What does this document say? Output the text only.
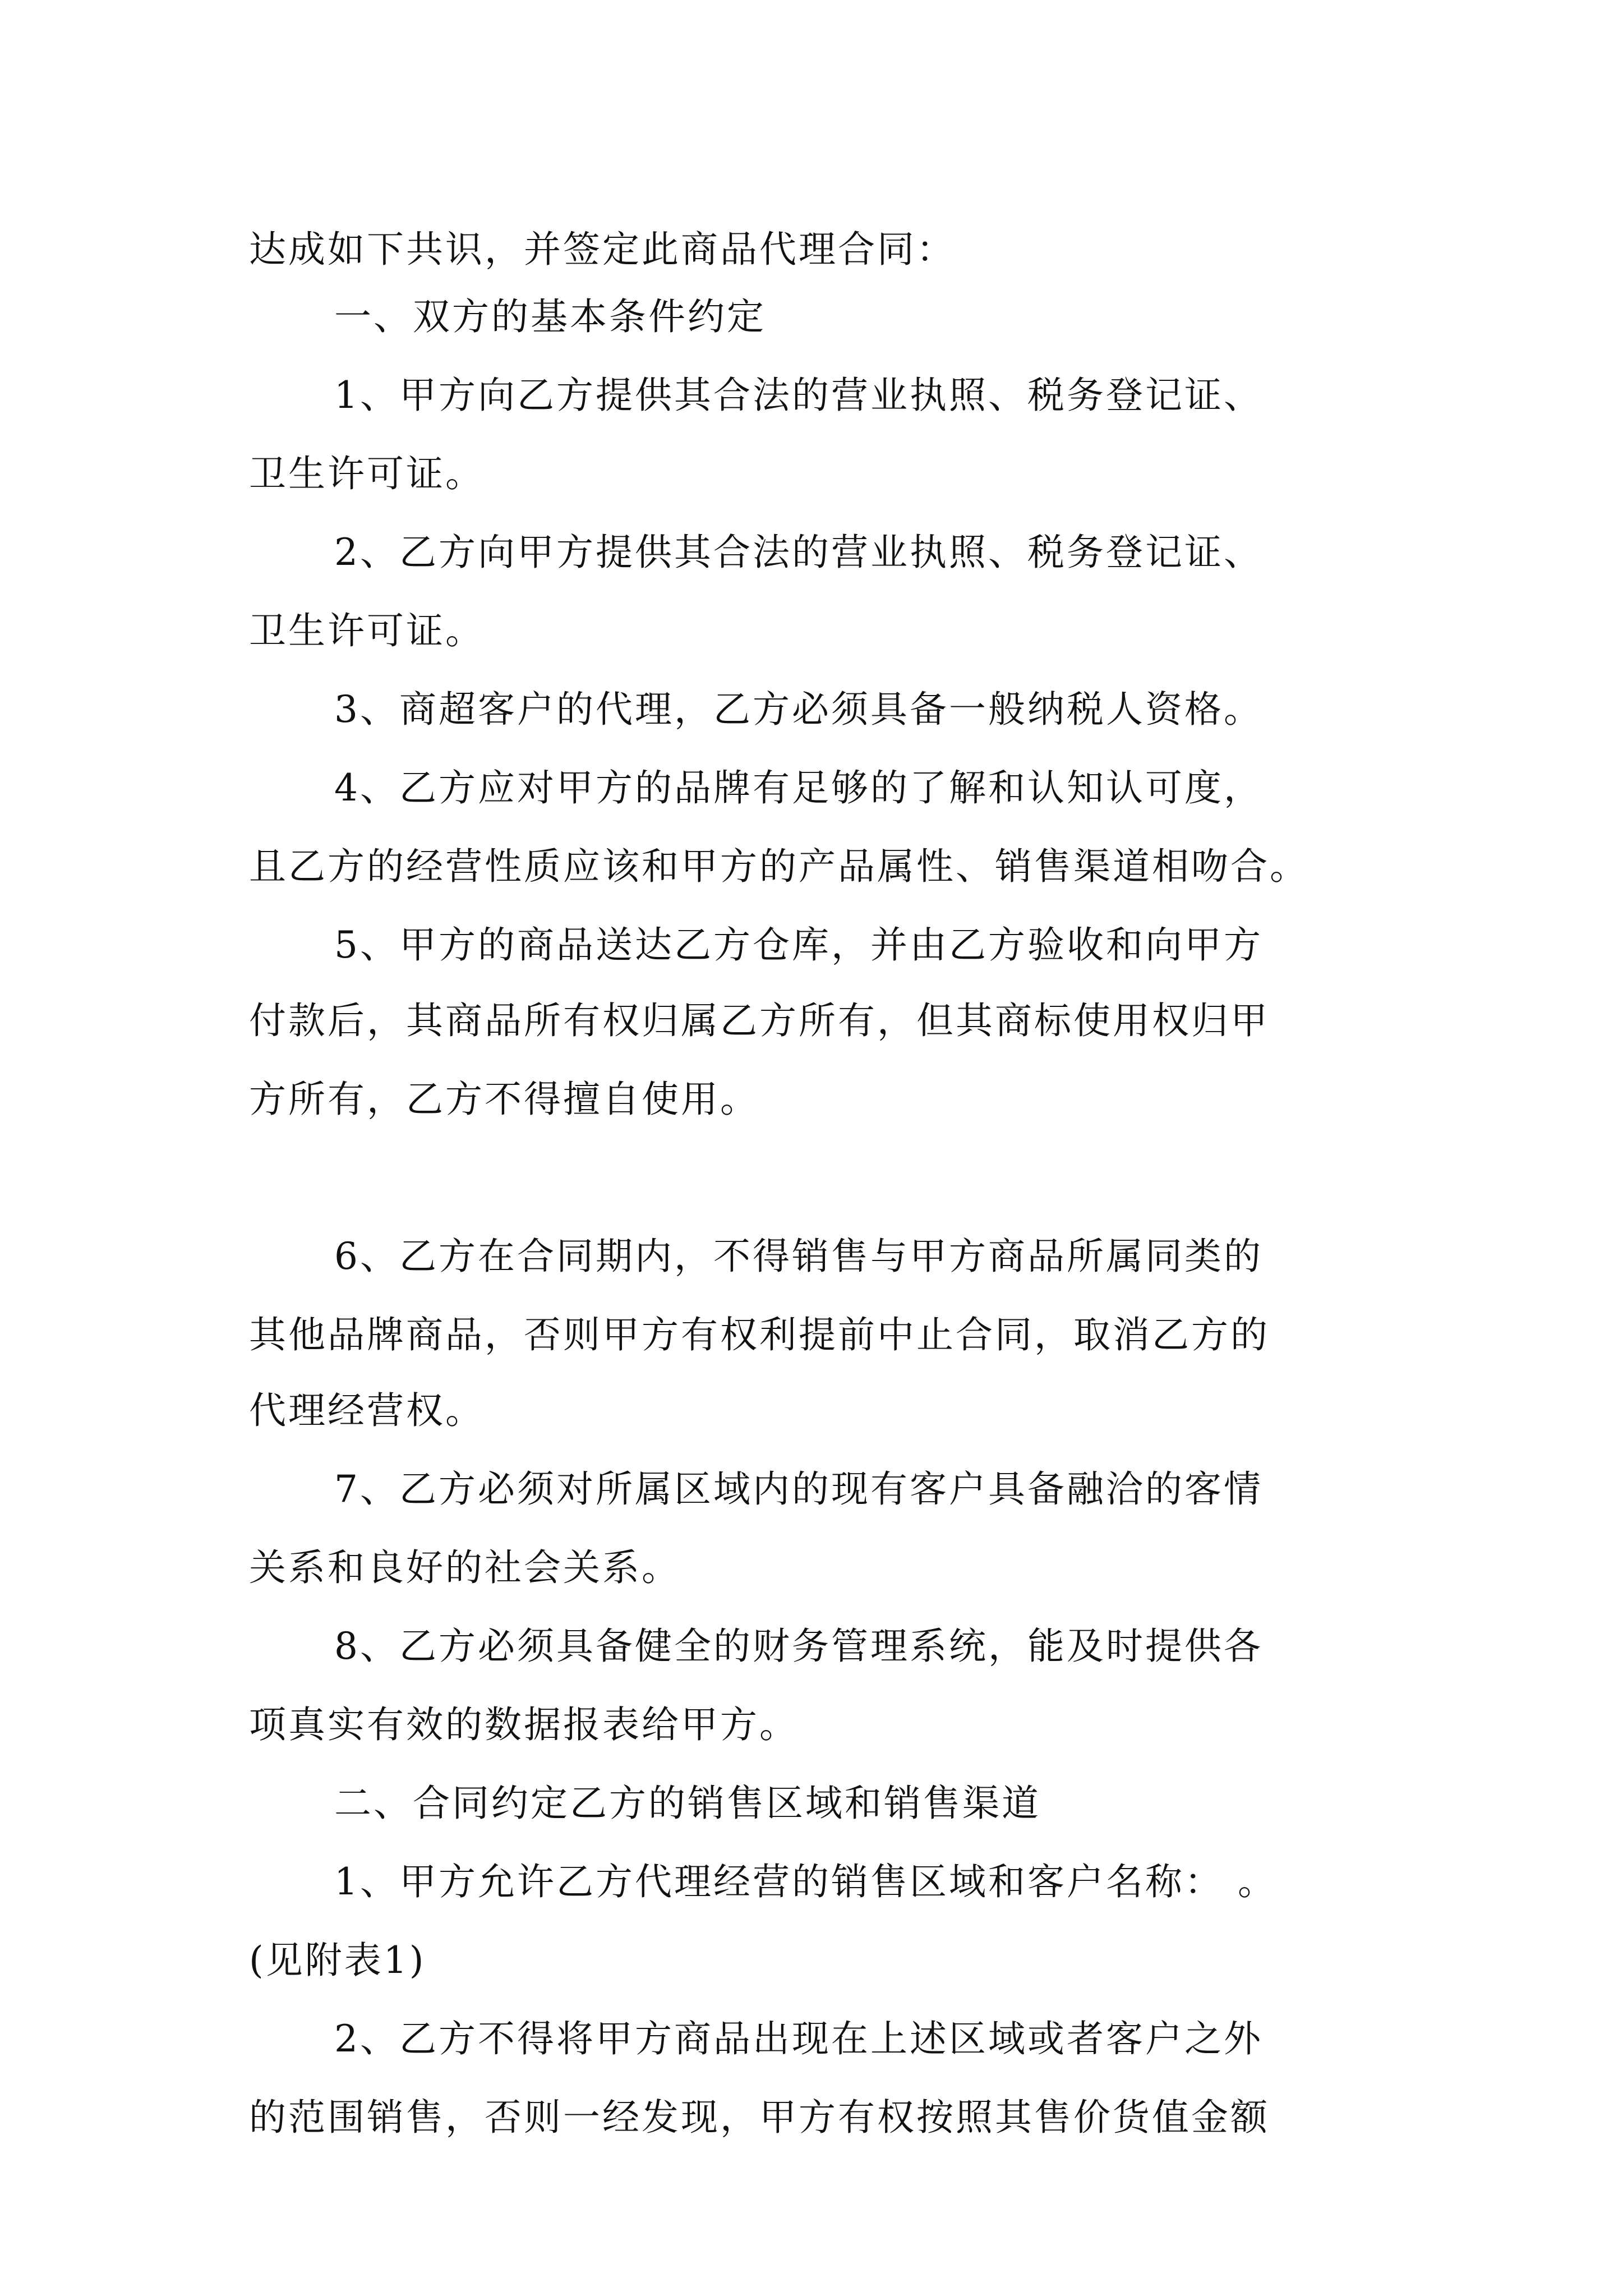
达成如下共识，并签定此商品代理合同：
一、双方的基本条件约定
1、甲方向乙方提供其合法的营业执照、税务登记证、
卫生许可证。
2、乙方向甲方提供其合法的营业执照、税务登记证、
卫生许可证。
3、商超客户的代理，乙方必须具备一般纳税人资格。
4、乙方应对甲方的品牌有足够的了解和认知认可度，
且乙方的经营性质应该和甲方的产品属性、销售渠道相吻合。
5、甲方的商品送达乙方仓库，并由乙方验收和向甲方
付款后，其商品所有权归属乙方所有，但其商标使用权归甲
方所有，乙方不得擅自使用。
6、乙方在合同期内，不得销售与甲方商品所属同类的
其他品牌商品，否则甲方有权利提前中止合同，取消乙方的
代理经营权。
7、乙方必须对所属区域内的现有客户具备融洽的客情
关系和良好的社会关系。
8、乙方必须具备健全的财务管理系统，能及时提供各
项真实有效的数据报表给甲方。
二、合同约定乙方的销售区域和销售渠道
1、甲方允许乙方代理经营的销售区域和客户名称： 。
(见附表1)
2、乙方不得将甲方商品出现在上述区域或者客户之外
的范围销售，否则一经发现，甲方有权按照其售价货值金额
